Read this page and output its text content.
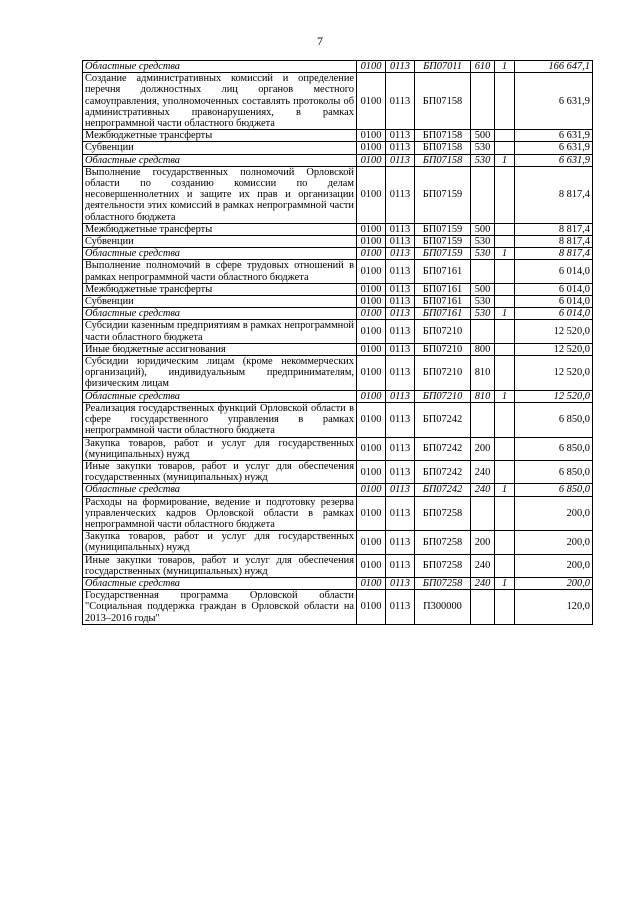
7
Областные средства	0100	0113	БП07011	610	1	166 647,1
Создание административных комиссий и определение перечня должностных лиц органов местного самоуправления, уполномоченных составлять протоколы об административных правонарушениях, в рамках непрограммной части областного бюджета	0100	0113	БП07158			6 631,9
Межбюджетные трансферты	0100	0113	БП07158	500		6 631,9
Субвенции	0100	0113	БП07158	530		6 631,9
Областные средства	0100	0113	БП07158	530	1	6 631,9
Выполнение государственных полномочий Орловской области по созданию комиссии по делам несовершеннолетних и защите их прав и организации деятельности этих комиссий в рамках непрограммной части областного бюджета	0100	0113	БП07159			8 817,4
Межбюджетные трансферты	0100	0113	БП07159	500		8 817,4
Субвенции	0100	0113	БП07159	530		8 817,4
Областные средства	0100	0113	БП07159	530	1	8 817,4
Выполнение полномочий в сфере трудовых отношений в рамках непрограммной части областного бюджета	0100	0113	БП07161			6 014,0
Межбюджетные трансферты	0100	0113	БП07161	500		6 014,0
Субвенции	0100	0113	БП07161	530		6 014,0
Областные средства	0100	0113	БП07161	530	1	6 014,0
Субсидии казенным предприятиям в рамках непрограммной части областного бюджета	0100	0113	БП07210			12 520,0
Иные бюджетные ассигнования	0100	0113	БП07210	800		12 520,0
Субсидии юридическим лицам (кроме некоммерческих организаций), индивидуальным предпринимателям, физическим лицам	0100	0113	БП07210	810		12 520,0
Областные средства	0100	0113	БП07210	810	1	12 520,0
Реализация государственных функций Орловской области в сфере государственного управления в рамках непрограммной части областного бюджета	0100	0113	БП07242			6 850,0
Закупка товаров, работ и услуг для государственных (муниципальных) нужд	0100	0113	БП07242	200		6 850,0
Иные закупки товаров, работ и услуг для обеспечения государственных (муниципальных) нужд	0100	0113	БП07242	240		6 850,0
Областные средства	0100	0113	БП07242	240	1	6 850,0
Расходы на формирование, ведение и подготовку резерва управленческих кадров Орловской области в рамках непрограммной части областного бюджета	0100	0113	БП07258			200,0
Закупка товаров, работ и услуг для государственных (муниципальных) нужд	0100	0113	БП07258	200		200,0
Иные закупки товаров, работ и услуг для обеспечения государственных (муниципальных) нужд	0100	0113	БП07258	240		200,0
Областные средства	0100	0113	БП07258	240	1	200,0
Государственная программа Орловской области "Социальная поддержка граждан в Орловской области на 2013–2016 годы"	0100	0113	П300000			120,0
